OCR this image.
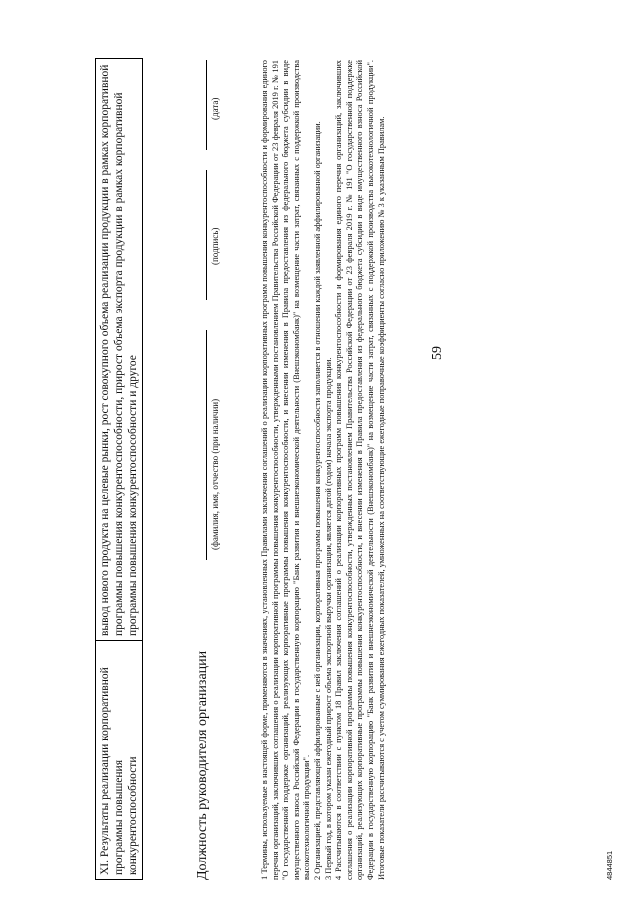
59
XI. Результаты реализации корпоративной программы повышения конкурентоспособности
вывод нового продукта на целевые рынки, рост совокупного объема реализации продукции в рамках корпоративной программы повышения конкурентоспособности, прирост объема экспорта продукции в рамках корпоративной программы повышения конкурентоспособности и другое
Должность руководителя организации
(фамилия, имя, отчество (при наличии)
(подпись)
(дата)	1 Термины, используемые в настоящей форме, применяются в значениях, установленных Правилами заключения соглашений о реализации корпоративных программ повышения конкурентоспособности и формирования единого перечня организаций, заключивших соглашения о реализации корпоративной программы повышения конкурентоспособности, утвержденными постановлением Правительства Российской Федерации от 23 февраля 2019 г. № 191 "О государственной поддержке организаций, реализующих корпоративные программы повышения конкурентоспособности, и внесении изменения в Правила предоставления из федерального бюджета субсидии в виде имущественного взноса Российской Федерации в государственную корпорацию "Банк развития и внешнеэкономической деятельности (Внешэкономбанк)" на возмещение части затрат, связанных с поддержкой производства высокотехнологичной продукции". 2 Организацией, представляющей аффилированные с ней организации, корпоративная программа повышения конкурентоспособности заполняется в отношении каждой заявленной аффилированной организации. 3 Первый год, в котором указан ежегодный прирост объема экспортной выручки организации, является датой (годом) начала экспорта продукции. 4 Рассчитываются в соответствии с пунктом 18 Правил заключения соглашений о реализации корпоративных программ повышения конкурентоспособности и формирования единого перечня организаций, заключивших соглашения о реализации корпоративной программы повышения конкурентоспособности, утвержденных постановлением Правительства Российской Федерации от 23 февраля 2019 г. № 191 "О государственной поддержке организаций, реализующих корпоративные программы повышения конкурентоспособности, и внесении изменения в Правила предоставления из федерального бюджета субсидии в виде имущественного взноса Российской Федерации в государственную корпорацию "Банк развития и внешнеэкономической деятельности (Внешэкономбанк)" на возмещение части затрат, связанных с поддержкой производства высокотехнологичной продукции". Итоговые показатели рассчитываются с учетом суммирования ежегодных показателей, умноженных на соответствующие ежегодные поправочные коэффициенты согласно приложению № 3 к указанным Правилам.	4844851
